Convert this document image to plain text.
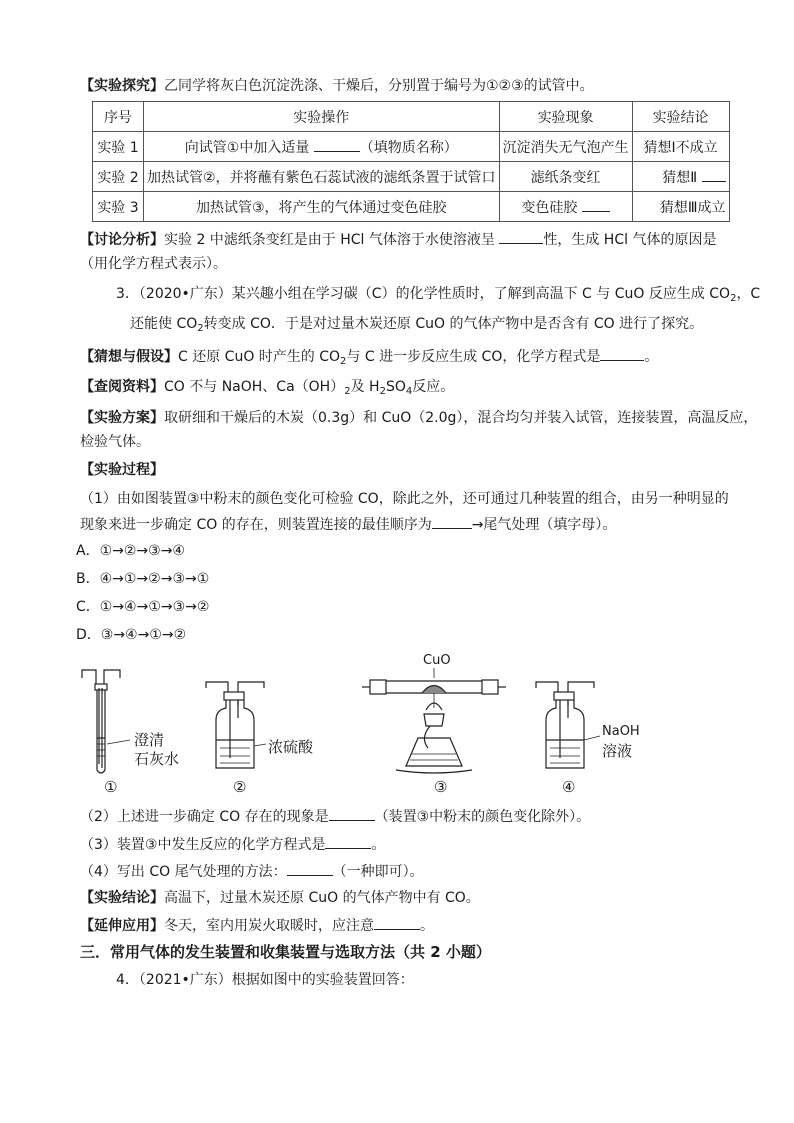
【实验探究】乙同学将灰白色沉淀洗涤、干燥后，分别置于编号为①②③的试管中。
序号	实验操作	实验现象	实验结论
实验 1	向试管①中加入适量 （填物质名称）	沉淀消失无气泡产生	猜想Ⅰ不成立
实验 2	加热试管②，并将蘸有紫色石蕊试液的滤纸条置于试管口	滤纸条变红	猜想Ⅱ
实验 3	加热试管③，将产生的气体通过变色硅胶	变色硅胶	猜想Ⅲ成立
【讨论分析】实验 2 中滤纸条变红是由于 HCl 气体溶于水使溶液呈	性，生成 HCl 气体的原因是
（用化学方程式表示）。
3．（2020•广东）某兴趣小组在学习碳（C）的化学性质时，了解到高温下 C 与 CuO 反应生成 $CO_2$，C
还能使 $CO_2$转变成 CO．于是对过量木炭还原 CuO 的气体产物中是否含有 CO 进行了探究。
【猜想与假设】C 还原 CuO 时产生的 $CO_2$与 C 进一步反应生成 CO，化学方程式是	。
【查阅资料】CO 不与 NaOH、$Ca(OH)_2$及 $H_2SO_4$反应。
【实验方案】取研细和干燥后的木炭（0.3g）和 CuO（2.0g），混合均匀并装入试管，连接装置，高温反应，
检验气体。
【实验过程】
（1）由如图装置③中粉末的颜色变化可检验 CO，除此之外，还可通过几种装置的组合，由另一种明显的
现象来进一步确定 CO 的存在，则装置连接的最佳顺序为	→尾气处理（填字母）。
A．①→②→③→④
B．④→①→②→③→①
C．①→④→①→③→②
D．③→④→①→②
澄清
石灰水
浓硫酸
CuO
NaOH
溶液
①	②	③	④
（2）上述进一步确定 CO 存在的现象是	（装置③中粉末的颜色变化除外）。
（3）装置③中发生反应的化学方程式是	。
（4）写出 CO 尾气处理的方法：	（一种即可）。
【实验结论】高温下，过量木炭还原 CuO 的气体产物中有 CO。
【延伸应用】冬天，室内用炭火取暖时，应注意	。
三．常用气体的发生装置和收集装置与选取方法（共 2 小题）
4．（2021•广东）根据如图中的实验装置回答：
